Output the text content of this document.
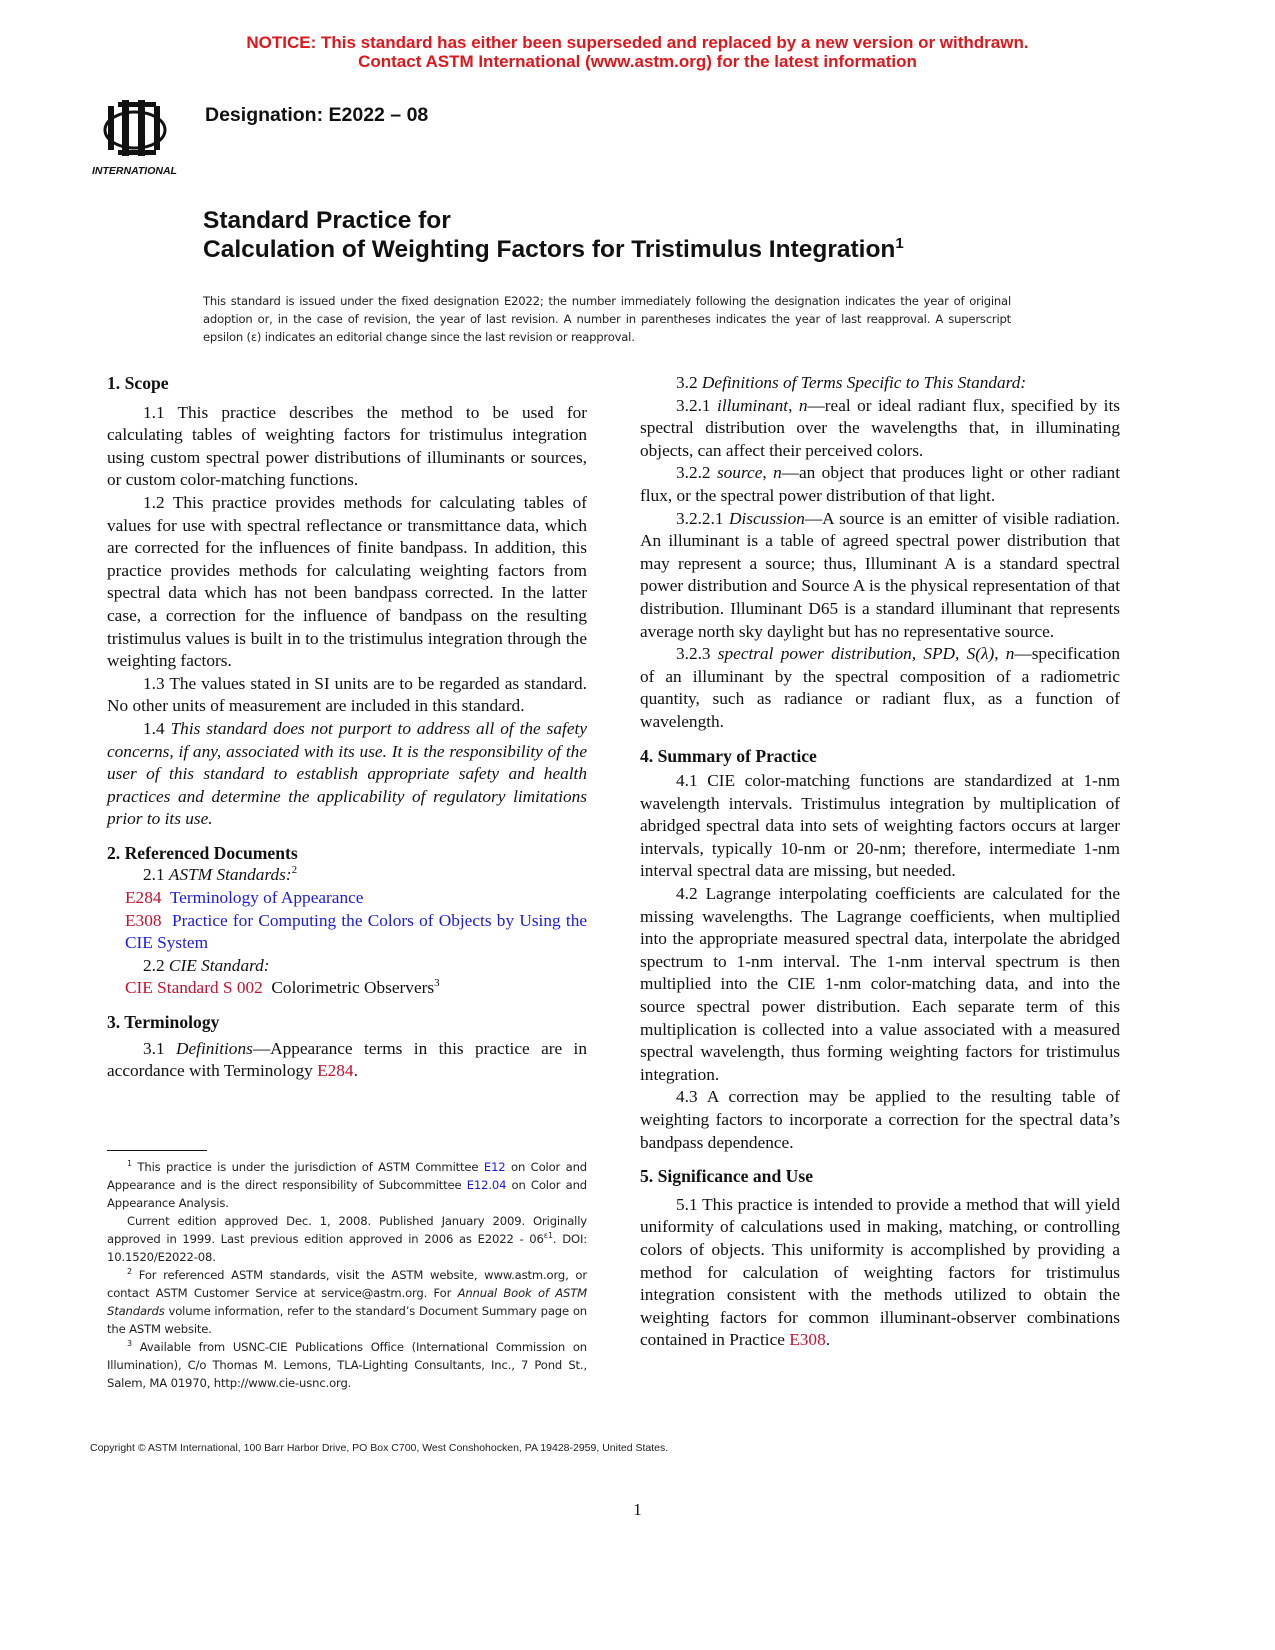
NOTICE: This standard has either been superseded and replaced by a new version or withdrawn.
Contact ASTM International (www.astm.org) for the latest information
INTERNATIONAL
Designation: E2022 – 08
Standard Practice for
Calculation of Weighting Factors for Tristimulus Integration$^1$
This standard is issued under the fixed designation E2022; the number immediately following the designation indicates the year of original adoption or, in the case of revision, the year of last revision. A number in parentheses indicates the year of last reapproval. A superscript epsilon (ε) indicates an editorial change since the last revision or reapproval.
1. Scope

1.1 This practice describes the method to be used for calculating tables of weighting factors for tristimulus integration using custom spectral power distributions of illuminants or sources, or custom color-matching functions.

1.2 This practice provides methods for calculating tables of values for use with spectral reflectance or transmittance data, which are corrected for the influences of finite bandpass. In addition, this practice provides methods for calculating weighting factors from spectral data which has not been bandpass corrected. In the latter case, a correction for the influence of bandpass on the resulting tristimulus values is built in to the tristimulus integration through the weighting factors.

1.3 The values stated in SI units are to be regarded as standard. No other units of measurement are included in this standard.

1.4 This standard does not purport to address all of the safety concerns, if any, associated with its use. It is the responsibility of the user of this standard to establish appropriate safety and health practices and determine the applicability of regulatory limitations prior to its use.

2. Referenced Documents

2.1 ASTM Standards:$^2$

E284 Terminology of Appearance

E308 Practice for Computing the Colors of Objects by Using the CIE System

2.2 CIE Standard:

CIE Standard S 002 Colorimetric Observers$^3$

3. Terminology

3.1 Definitions—Appearance terms in this practice are in accordance with Terminology E284.

$^1$ This practice is under the jurisdiction of ASTM Committee E12 on Color and Appearance and is the direct responsibility of Subcommittee E12.04 on Color and Appearance Analysis.

Current edition approved Dec. 1, 2008. Published January 2009. Originally approved in 1999. Last previous edition approved in 2006 as $E2022 - 06^{\varepsilon 1}$. DOI: 10.1520/E2022-08.

$^2$ For referenced ASTM standards, visit the ASTM website, www.astm.org, or contact ASTM Customer Service at service@astm.org. For Annual Book of ASTM Standards volume information, refer to the standard’s Document Summary page on the ASTM website.

$^3$ Available from USNC-CIE Publications Office (International Commission on Illumination), C/o Thomas M. Lemons, TLA-Lighting Consultants, Inc., 7 Pond St., Salem, MA 01970, http://www.cie-usnc.org.

3.2 Definitions of Terms Specific to This Standard:

3.2.1 illuminant, n—real or ideal radiant flux, specified by its spectral distribution over the wavelengths that, in illuminating objects, can affect their perceived colors.

3.2.2 source, n—an object that produces light or other radiant flux, or the spectral power distribution of that light.

3.2.2.1 Discussion—A source is an emitter of visible radiation. An illuminant is a table of agreed spectral power distribution that may represent a source; thus, Illuminant A is a standard spectral power distribution and Source A is the physical representation of that distribution. Illuminant D65 is a standard illuminant that represents average north sky daylight but has no representative source.

3.2.3 spectral power distribution, SPD, S(λ), n—specification of an illuminant by the spectral composition of a radiometric quantity, such as radiance or radiant flux, as a function of wavelength.

4. Summary of Practice

4.1 CIE color-matching functions are standardized at 1-nm wavelength intervals. Tristimulus integration by multiplication of abridged spectral data into sets of weighting factors occurs at larger intervals, typically 10-nm or 20-nm; therefore, intermediate 1-nm interval spectral data are missing, but needed.

4.2 Lagrange interpolating coefficients are calculated for the missing wavelengths. The Lagrange coefficients, when multiplied into the appropriate measured spectral data, interpolate the abridged spectrum to 1-nm interval. The 1-nm interval spectrum is then multiplied into the CIE 1-nm color-matching data, and into the source spectral power distribution. Each separate term of this multiplication is collected into a value associated with a measured spectral wavelength, thus forming weighting factors for tristimulus integration.

4.3 A correction may be applied to the resulting table of weighting factors to incorporate a correction for the spectral data’s bandpass dependence.

5. Significance and Use

5.1 This practice is intended to provide a method that will yield uniformity of calculations used in making, matching, or controlling colors of objects. This uniformity is accomplished by providing a method for calculation of weighting factors for tristimulus integration consistent with the methods utilized to obtain the weighting factors for common illuminant-observer combinations contained in Practice E308.

Copyright © ASTM International, 100 Barr Harbor Drive, PO Box C700, West Conshohocken, PA 19428-2959, United States.
1
